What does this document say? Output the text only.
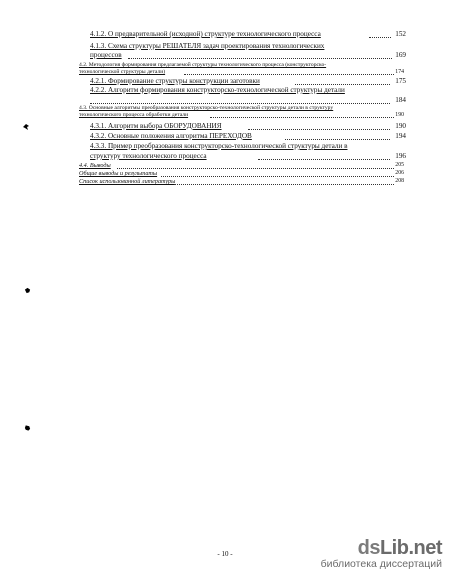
4.1.2. О предварительной (исходной) структуре технологического процесса	152
4.1.3. Схема структуры РЕШАТЕЛЯ задач проектирования технологических
процессов	169
4.2. Методология формирования предлагаемой структуры технологического процесса (конструкторско-
технологической структуры детали)	174
4.2.1. Формирование структуры конструкции заготовки	175
4.2.2. Алгоритм формирования конструкторско-технологической структуры детали
184
4.3. Основные алгоритмы преобразования конструкторско-технологической структуры детали в структуру
технологического процесса обработки детали	190
4.3.1. Алгоритм выбора ОБОРУДОВАНИЯ	190
4.3.2. Основные положения алгоритма ПЕРЕХОДОВ	194
4.3.3. Пример преобразования конструкторско-технологической структуры детали в
структуру технологического процесса	196
4.4. Выводы	205
Общие выводы и результаты	206
Список использованной литературы	208
- 10 -	dsLib.net
библиотека диссертаций
